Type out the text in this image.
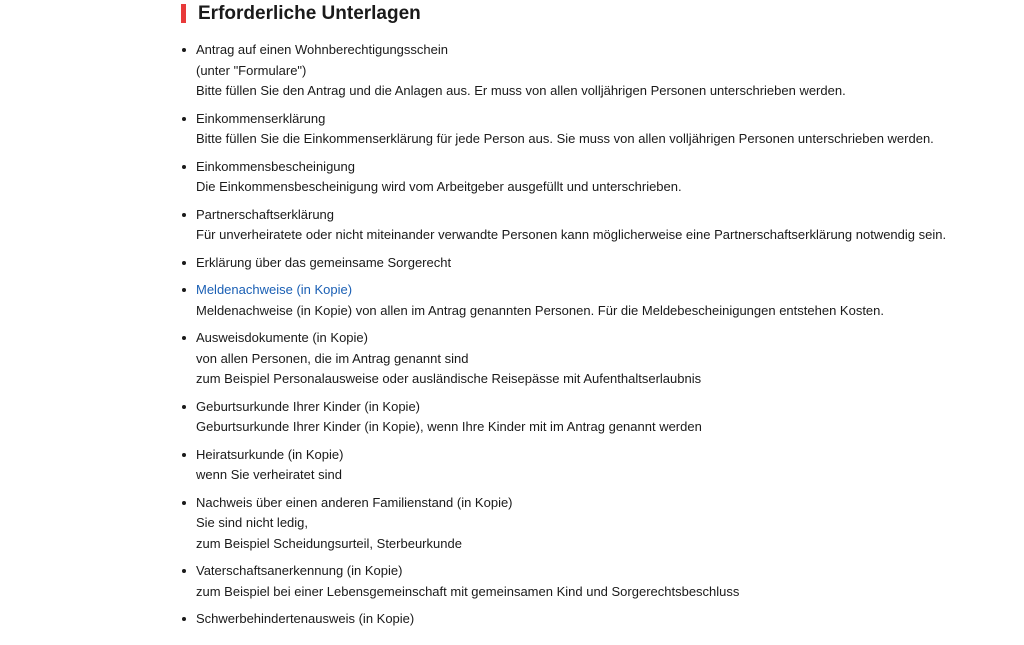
Erforderliche Unterlagen
Antrag auf einen Wohnberechtigungsschein
(unter "Formulare")
Bitte füllen Sie den Antrag und die Anlagen aus. Er muss von allen volljährigen Personen unterschrieben werden.
Einkommenserklärung
Bitte füllen Sie die Einkommenserklärung für jede Person aus. Sie muss von allen volljährigen Personen unterschrieben werden.
Einkommensbescheinigung
Die Einkommensbescheinigung wird vom Arbeitgeber ausgefüllt und unterschrieben.
Partnerschaftserklärung
Für unverheiratete oder nicht miteinander verwandte Personen kann möglicherweise eine Partnerschaftserklärung notwendig sein.
Erklärung über das gemeinsame Sorgerecht
Meldenachweise (in Kopie)
Meldenachweise (in Kopie) von allen im Antrag genannten Personen. Für die Meldebescheinigungen entstehen Kosten.
Ausweisdokumente (in Kopie)
von allen Personen, die im Antrag genannt sind
zum Beispiel Personalausweise oder ausländische Reisepässe mit Aufenthaltserlaubnis
Geburtsurkunde Ihrer Kinder (in Kopie)
Geburtsurkunde Ihrer Kinder (in Kopie), wenn Ihre Kinder mit im Antrag genannt werden
Heiratsurkunde (in Kopie)
wenn Sie verheiratet sind
Nachweis über einen anderen Familienstand (in Kopie)
Sie sind nicht ledig,
zum Beispiel Scheidungsurteil, Sterbeurkunde
Vaterschaftsanerkennung (in Kopie)
zum Beispiel bei einer Lebensgemeinschaft mit gemeinsamen Kind und Sorgerechtsbeschluss
Schwerbehindertenausweis (in Kopie)
